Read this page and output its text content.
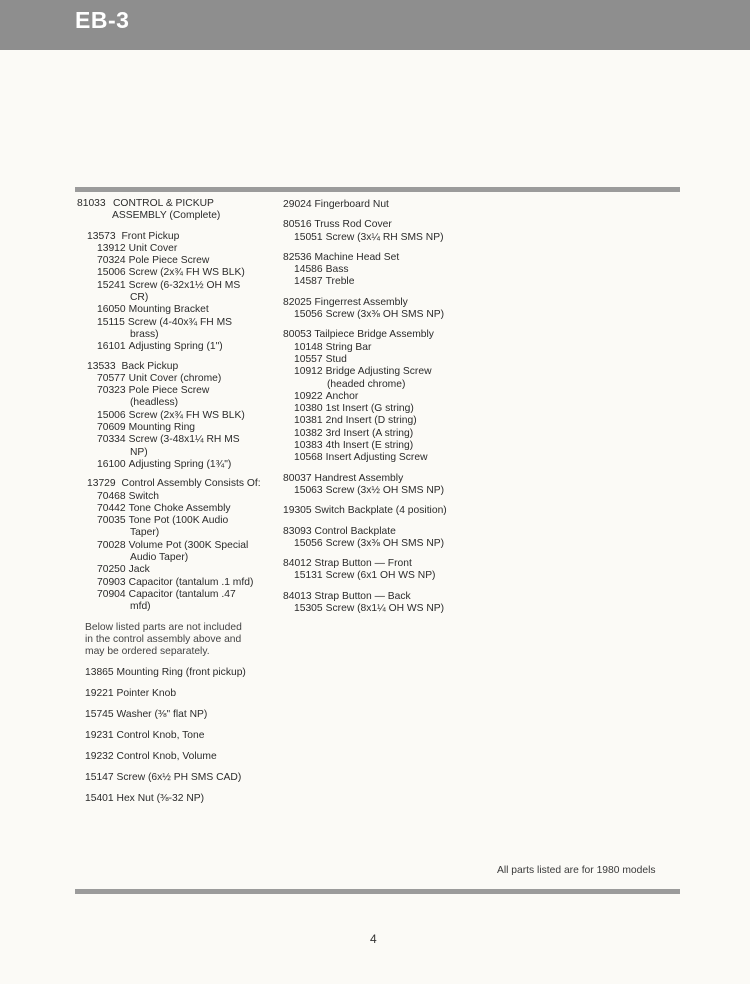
EB-3
81033 CONTROL & PICKUP
ASSEMBLY (Complete)
13573 Front Pickup
13912 Unit Cover
70324 Pole Piece Screw
15006 Screw (2x¾ FH WS BLK)
15241 Screw (6-32x1½ OH MS
CR)
16050 Mounting Bracket
15115 Screw (4-40x¾ FH MS
brass)
16101 Adjusting Spring (1")
13533 Back Pickup
70577 Unit Cover (chrome)
70323 Pole Piece Screw
(headless)
15006 Screw (2x¾ FH WS BLK)
70609 Mounting Ring
70334 Screw (3-48x1¼ RH MS
NP)
16100 Adjusting Spring (1¾")
13729 Control Assembly Consists Of:
70468 Switch
70442 Tone Choke Assembly
70035 Tone Pot (100K Audio
Taper)
70028 Volume Pot (300K Special
Audio Taper)
70250 Jack
70903 Capacitor (tantalum .1 mfd)
70904 Capacitor (tantalum .47
mfd)
Below listed parts are not included
in the control assembly above and
may be ordered separately.
13865 Mounting Ring (front pickup)
19221 Pointer Knob
15745 Washer (⅜" flat NP)
19231 Control Knob, Tone
19232 Control Knob, Volume
15147 Screw (6x½ PH SMS CAD)
15401 Hex Nut (⅜-32 NP)
29024 Fingerboard Nut
80516 Truss Rod Cover
15051 Screw (3x¼ RH SMS NP)
82536 Machine Head Set
14586 Bass
14587 Treble
82025 Fingerrest Assembly
15056 Screw (3x⅜ OH SMS NP)
80053 Tailpiece Bridge Assembly
10148 String Bar
10557 Stud
10912 Bridge Adjusting Screw
(headed chrome)
10922 Anchor
10380 1st Insert (G string)
10381 2nd Insert (D string)
10382 3rd Insert (A string)
10383 4th Insert (E string)
10568 Insert Adjusting Screw
80037 Handrest Assembly
15063 Screw (3x½ OH SMS NP)
19305 Switch Backplate (4 position)
83093 Control Backplate
15056 Screw (3x⅜ OH SMS NP)
84012 Strap Button — Front
15131 Screw (6x1 OH WS NP)
84013 Strap Button — Back
15305 Screw (8x1¼ OH WS NP)
All parts listed are for 1980 models
4
